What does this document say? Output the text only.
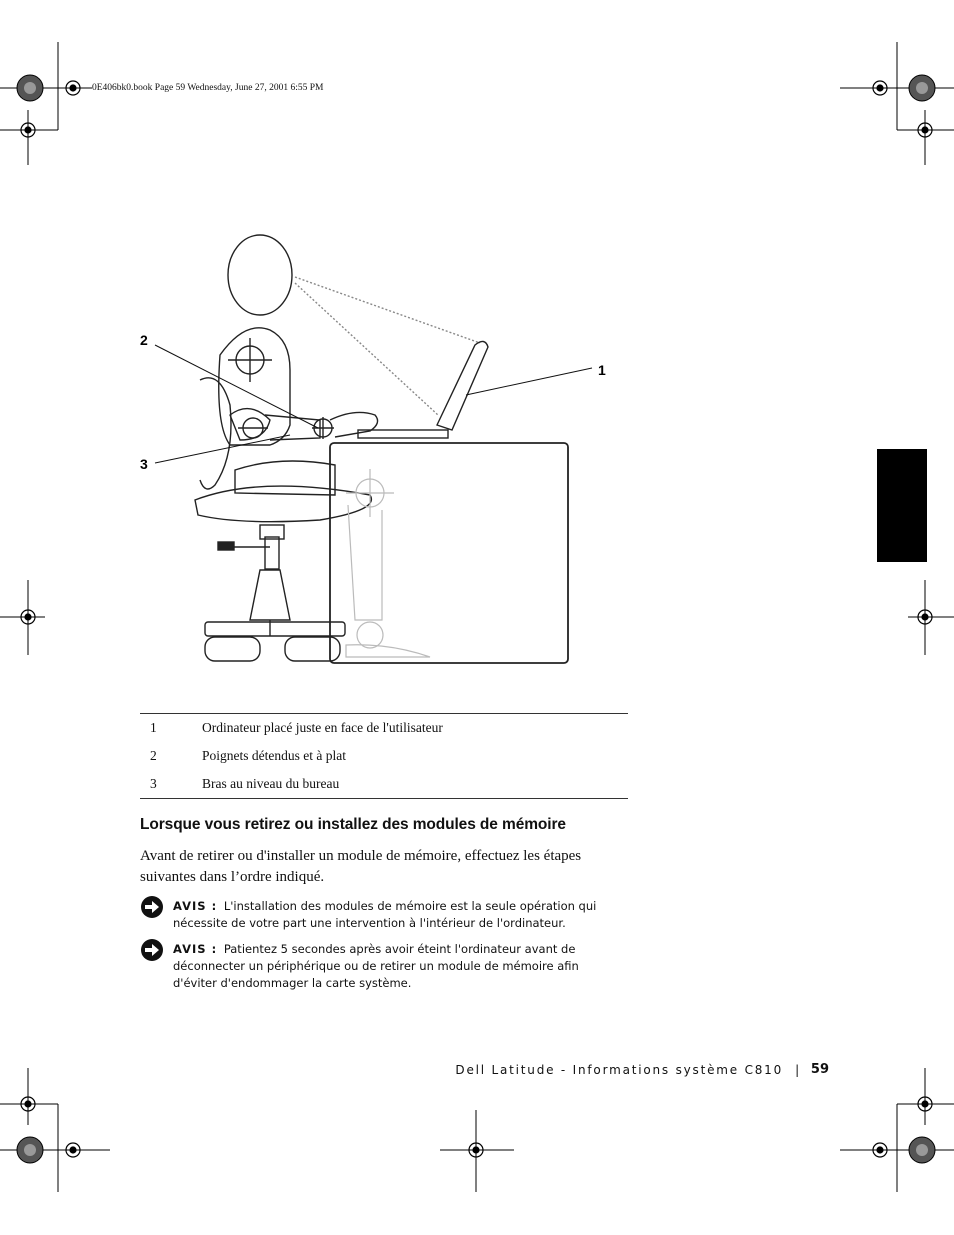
0E406bk0.book Page 59 Wednesday, June 27, 2001 6:55 PM
2
3
1
1	Ordinateur placé juste en face de l'utilisateur
2	Poignets détendus et à plat
3	Bras au niveau du bureau
Lorsque vous retirez ou installez des modules de mémoire
Avant de retirer ou d'installer un module de mémoire, effectuez les étapes suivantes dans l’ordre indiqué.
AVIS : L'installation des modules de mémoire est la seule opération qui nécessite de votre part une intervention à l'intérieur de l'ordinateur.
AVIS : Patientez 5 secondes après avoir éteint l'ordinateur avant de déconnecter un périphérique ou de retirer un module de mémoire afin d'éviter d'endommager la carte système.
Dell Latitude - Informations système C810 | 59
